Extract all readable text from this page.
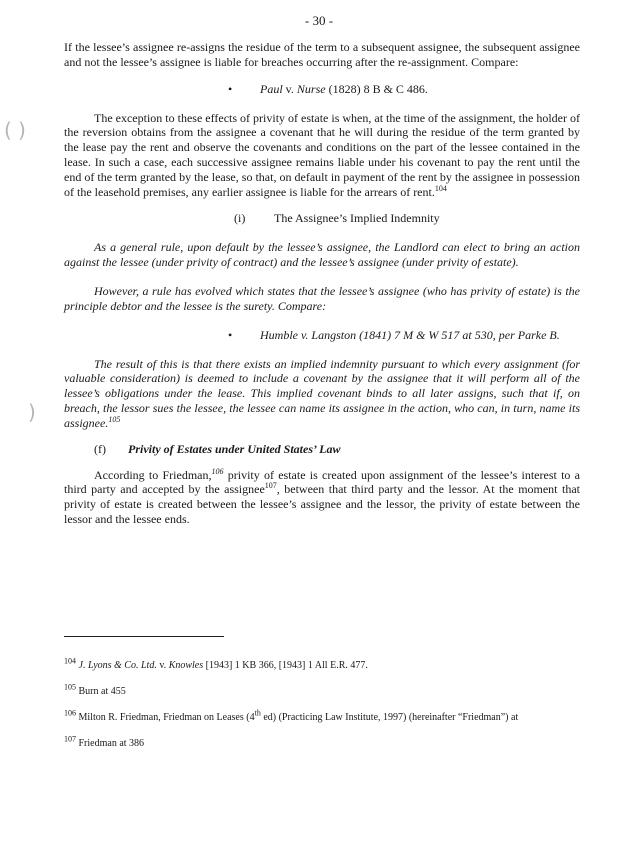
- 30 -
( )
)

If the lessee’s assignee re-assigns the residue of the term to a subsequent assignee, the subsequent assignee and not the lessee’s assignee is liable for breaches occurring after the re-assignment. Compare:

• Paul v. Nurse (1828) 8 B & C 486.

The exception to these effects of privity of estate is when, at the time of the assignment, the holder of the reversion obtains from the assignee a covenant that he will during the residue of the term granted by the lease pay the rent and observe the covenants and conditions on the part of the lessee contained in the lease. In such a case, each successive assignee remains liable under his covenant to pay the rent until the end of the term granted by the lease, so that, on default in payment of the rent by the assignee in possession of the leasehold premises, any earlier assignee is liable for the arrears of rent.$^{104}$

(i) The Assignee’s Implied Indemnity

As a general rule, upon default by the lessee’s assignee, the Landlord can elect to bring an action against the lessee (under privity of contract) and the lessee’s assignee (under privity of estate).

However, a rule has evolved which states that the lessee’s assignee (who has privity of estate) is the principle debtor and the lessee is the surety. Compare:

• Humble v. Langston (1841) 7 M & W 517 at 530, per Parke B.

The result of this is that there exists an implied indemnity pursuant to which every assignment (for valuable consideration) is deemed to include a covenant by the assignee that it will perform all of the lessee’s obligations under the lease. This implied covenant binds to all later assigns, such that if, on breach, the lessor sues the lessee, the lessee can name its assignee in the action, who can, in turn, name its assignee.$^{105}$

(f) Privity of Estates under United States’ Law

According to Friedman,$^{106}$ privity of estate is created upon assignment of the lessee’s interest to a third party and accepted by the assignee$^{107}$, between that third party and the lessor. At the moment that privity of estate is created between the lessee’s assignee and the lessor, the privity of estate between the lessor and the lessee ends.

$^{104}$ J. Lyons & Co. Ltd. v. Knowles [1943] 1 KB 366, [1943] 1 All E.R. 477.
$^{105}$ Burn at 455
$^{106}$ Milton R. Friedman, Friedman on Leases (4th ed) (Practicing Law Institute, 1997) (hereinafter “Friedman”) at
$^{107}$ Friedman at 386
